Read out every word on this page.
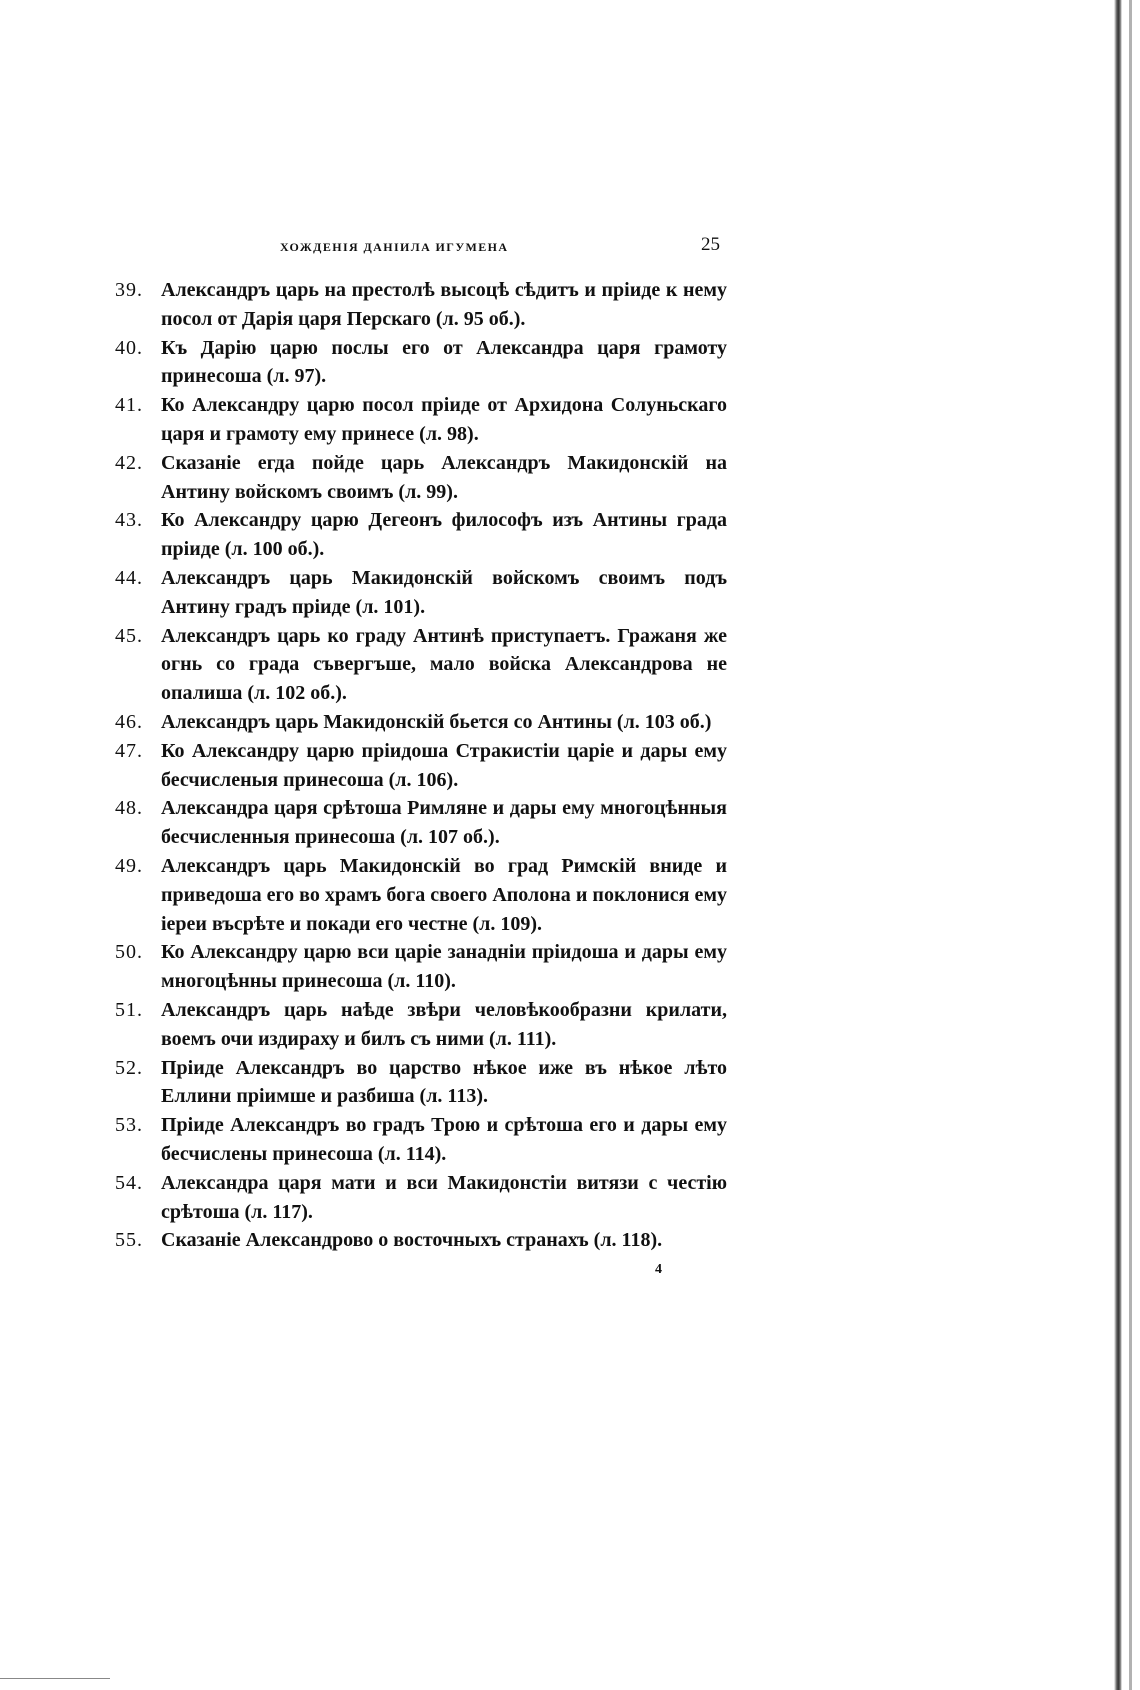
ХОЖДЕНІЯ ДАНІИЛА ИГУМЕНА	25
39. Александръ царь на престолѣ высоцѣ сѣдитъ и пріиде к нему посол от Дарія царя Перскаго (л. 95 об.).
40. Къ Дарію царю послы его от Александра царя грамоту принесоша (л. 97).
41. Ко Александру царю посол пріиде от Архидона Солуньскаго царя и грамоту ему принесе (л. 98).
42. Сказаніе егда пойде царь Александръ Макидонскій на Антину войскомъ своимъ (л. 99).
43. Ко Александру царю Дегеонъ философъ изъ Антины града пріиде (л. 100 об.).
44. Александръ царь Макидонскій войскомъ своимъ подъ Антину градъ пріиде (л. 101).
45. Александръ царь ко граду Антинѣ приступаетъ. Гражаня же огнь со града съвергъше, мало войска Александрова не опалиша (л. 102 об.).
46. Александръ царь Макидонскій бьется со Антины (л. 103 об.)
47. Ко Александру царю пріидоша Стракистіи царіе и дары ему бесчисленыя принесоша (л. 106).
48. Александра царя срѣтоша Римляне и дары ему многоцѣнныя бесчисленныя принесоша (л. 107 об.).
49. Александръ царь Макидонскій во град Римскій вниде и приведоша его во храмъ бога своего Аполона и поклонися ему іереи въсрѣте и покади его честне (л. 109).
50. Ко Александру царю вси царіе занадніи пріидоша и дары ему многоцѣнны принесоша (л. 110).
51. Александръ царь наѣде звѣри человѣкообразни крилати, воемъ очи издираху и билъ съ ними (л. 111).
52. Пріиде Александръ во царство нѣкое иже въ нѣкое лѣто Еллини пріимше и разбиша (л. 113).
53. Пріиде Александръ во градъ Трою и срѣтоша его и дары ему бесчислены принесоша (л. 114).
54. Александра царя мати и вси Макидонстіи витязи с честію срѣтоша (л. 117).
55. Сказаніе Александрово о восточныхъ странахъ (л. 118).
4
